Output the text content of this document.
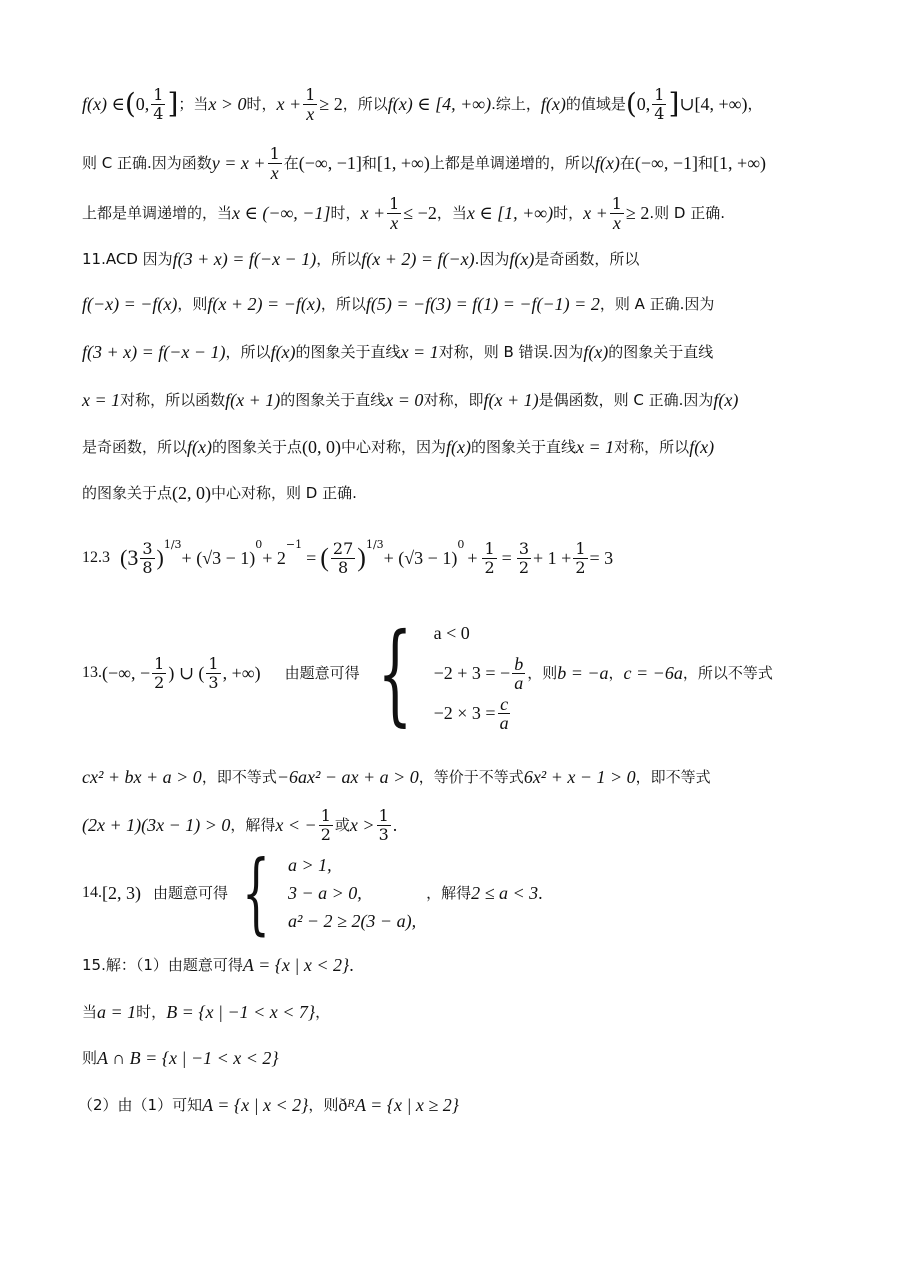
f(x) ∈ ( 0, $\frac{1}{4}$ ] ；当 x > 0 时， $x + \frac{1}{x} \ge 2$ ，所以 f(x) ∈ [4, +∞) .综上， f(x) 的值域是 ( 0, $\frac{1}{4}$ ] ∪[4, +∞) ，
则 C 正确.因为函数 $y = x + \frac{1}{x}$ 在 (−∞, −1] 和 [1, +∞) 上都是单调递增的，所以 f(x) 在 (−∞, −1] 和 [1, +∞)
上都是单调递增的，当 x ∈ (−∞, −1] 时， $x + \frac{1}{x} \le -2$ ，当 x ∈ [1, +∞) 时， $x + \frac{1}{x} \ge 2$ .则 D 正确.
11.ACD 因为 f(3 + x) = f(−x − 1) ，所以 f(x + 2) = f(−x) .因为 f(x) 是奇函数，所以
f(−x) = −f(x) ，则 f(x + 2) = −f(x) ，所以 f(5) = −f(3) = f(1) = −f(−1) = 2 ，则 A 正确.因为
f(3 + x) = f(−x − 1) ，所以 f(x) 的图象关于直线 x = 1 对称，则 B 错误.因为 f(x) 的图象关于直线
x = 1 对称，所以函数 f(x + 1) 的图象关于直线 x = 0 对称，即 f(x + 1) 是偶函数，则 C 正确.因为 f(x)
是奇函数，所以 f(x) 的图象关于点 (0, 0) 中心对称，因为 f(x) 的图象关于直线 x = 1 对称，所以 f(x)
的图象关于点 (2, 0) 中心对称，则 D 正确.
12.3 ($3 \frac{3}{8}$ )
$^{1/3}$
+ (√3 − 1)
$^0$
+ 2
$^{-1}$
= ( $\frac{27}{8} )^{1/3}$
+ (√3 − 1)
$^0$
+ $\frac{1}{2} = \frac{3}{2} + 1 + \frac{1}{2} = 3$
13. (−∞, − $\frac{1}{2}$ ) ∪ ( $\frac{1}{3}$ , +∞) 由题意可得 { a < 0
−2 + 3 = − $\frac{b}{a}$
$-2 \times 3 = \frac{c}{a}$
，则 b = −a ， c = −6a ，所以不等式
cx² + bx + a > 0 ，即不等式 −6ax² − ax + a > 0 ，等价于不等式 6x² + x − 1 > 0 ，即不等式
(2x + 1)(3x − 1) > 0 ，解得 x < − $\frac{1}{2}$ 或 $x > \frac{1}{3}$ .
14. [2, 3) 由题意可得 { a > 1,
3 − a > 0,
a² − 2 ≥ 2(3 − a),
，解得 2 ≤ a < 3 .
15.解：（1）由题意可得 A = {x | x < 2} .
当 a = 1 时， B = {x | −1 < x < 7} ，
则 A ∩ B = {x | −1 < x < 2}
（2）由（1）可知 A = {x | x < 2} ，则 ð R A = {x | x ≥ 2}
